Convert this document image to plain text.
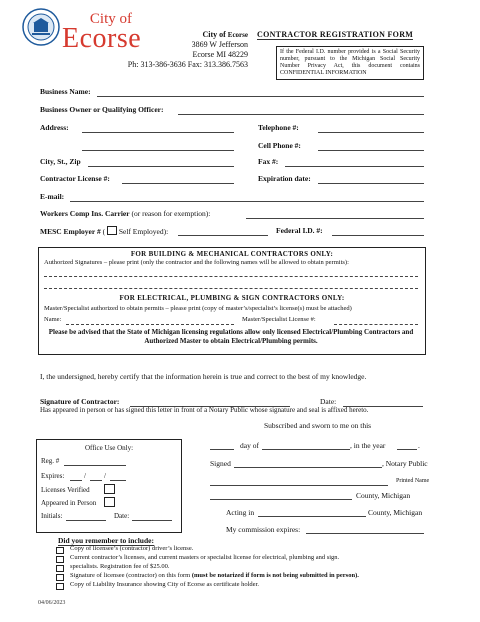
City of
Ecorse	City of Ecorse
3869 W Jefferson
Ecorse MI 48229
Ph: 313-386-3636 Fax: 313.386.7563
CONTRACTOR REGISTRATION FORM
If the Federal I.D. number provided is a Social Security number, pursuant to the Michigan Social Security Number Privacy Act, this document contains CONFIDENTIAL INFORMATION
Business Name:
Business Owner or Qualifying Officer:
Address:	Telephone #:
Cell Phone #:
City, St., Zip	Fax #:
Contractor License #:	Expiration date:
E-mail:
Workers Comp Ins. Carrier (or reason for exemption):
MESC Employer # ( Self Employed):	Federal I.D. #:
FOR BUILDING & MECHANICAL CONTRACTORS ONLY:
Authorized Signatures – please print (only the contractor and the following names will be allowed to obtain permits):
FOR ELECTRICAL, PLUMBING & SIGN CONTRACTORS ONLY:
Master/Specialist authorized to obtain permits – please print (copy of master’s/specialist’s license(s) must be attached)
Name:	Master/Specialist License #:
Please be advised that the State of Michigan licensing regulations allow only licensed Electrical/Plumbing Contractors and Authorized Master to obtain Electrical/Plumbing permits.
I, the undersigned, hereby certify that the information herein is true and correct to the best of my knowledge.
Signature of Contractor:	Date:
Has appeared in person or has signed this letter in front of a Notary Public whose signature and seal is affixed hereto.
Office Use Only:
Reg. #
Expires:	/	/
Licenses Verified
Appeared in Person
Initials:	Date:
Subscribed and sworn to me on this
day of	, in the year	.
Signed	, Notary Public
Printed Name
County, Michigan
Acting in	County, Michigan
My commission expires:
Did you remember to include:
Copy of licensee’s (contractor) driver’s license.
Current contractor’s licenses, and current masters or specialist license for electrical, plumbing and sign.
specialists. Registration fee of $25.00.
Signature of licensee (contractor) on this form (must be notarized if form is not being submitted in person).
Copy of Liability Insurance showing City of Ecorse as certificate holder.
04/06/2023
